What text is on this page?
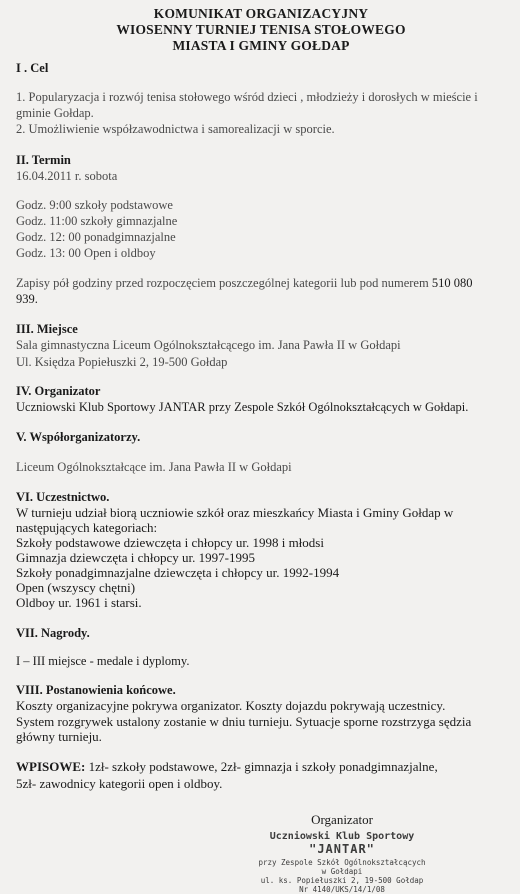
KOMUNIKAT ORGANIZACYJNY
WIOSENNY TURNIEJ TENISA STOŁOWEGO
MIASTA I GMINY GOŁDAP
I . Cel
1. Popularyzacja i rozwój tenisa stołowego wśród dzieci , młodzieży i dorosłych w mieście i
gminie Gołdap.
2. Umożliwienie współzawodnictwa i samorealizacji w sporcie.
II. Termin
16.04.2011 r. sobota
Godz. 9:00 szkoły podstawowe
Godz. 11:00 szkoły gimnazjalne
Godz. 12: 00 ponadgimnazjalne
Godz. 13: 00 Open i oldboy
Zapisy pół godziny przed rozpoczęciem poszczególnej kategorii lub pod numerem 510 080
939.
III. Miejsce
Sala gimnastyczna Liceum Ogólnokształcącego im. Jana Pawła II w Gołdapi
Ul. Księdza Popiełuszki 2, 19-500 Gołdap
IV. Organizator
Uczniowski Klub Sportowy JANTAR przy Zespole Szkół Ogólnokształcących w Gołdapi.
V. Współorganizatorzy.
Liceum Ogólnokształcące im. Jana Pawła II w Gołdapi
VI. Uczestnictwo.
W turnieju udział biorą uczniowie szkół oraz mieszkańcy Miasta i Gminy Gołdap w
następujących kategoriach:
Szkoły podstawowe dziewczęta i chłopcy ur. 1998 i młodsi
Gimnazja dziewczęta i chłopcy ur. 1997-1995
Szkoły ponadgimnazjalne dziewczęta i chłopcy ur. 1992-1994
Open (wszyscy chętni)
Oldboy ur. 1961 i starsi.
VII. Nagrody.
I – III miejsce - medale i dyplomy.
VIII. Postanowienia końcowe.
Koszty organizacyjne pokrywa organizator. Koszty dojazdu pokrywają uczestnicy.
System rozgrywek ustalony zostanie w dniu turnieju. Sytuacje sporne rozstrzyga sędzia
główny turnieju.
WPISOWE: 1zł- szkoły podstawowe, 2zł- gimnazja i szkoły ponadgimnazjalne,
5zł- zawodnicy kategorii open i oldboy.
Organizator
Uczniowski Klub Sportowy
"JANTAR"
przy Zespole Szkół Ogólnokształcących
w Gołdapi
ul. ks. Popiełuszki 2, 19-500 Gołdap
Nr 4140/UKS/14/1/08
